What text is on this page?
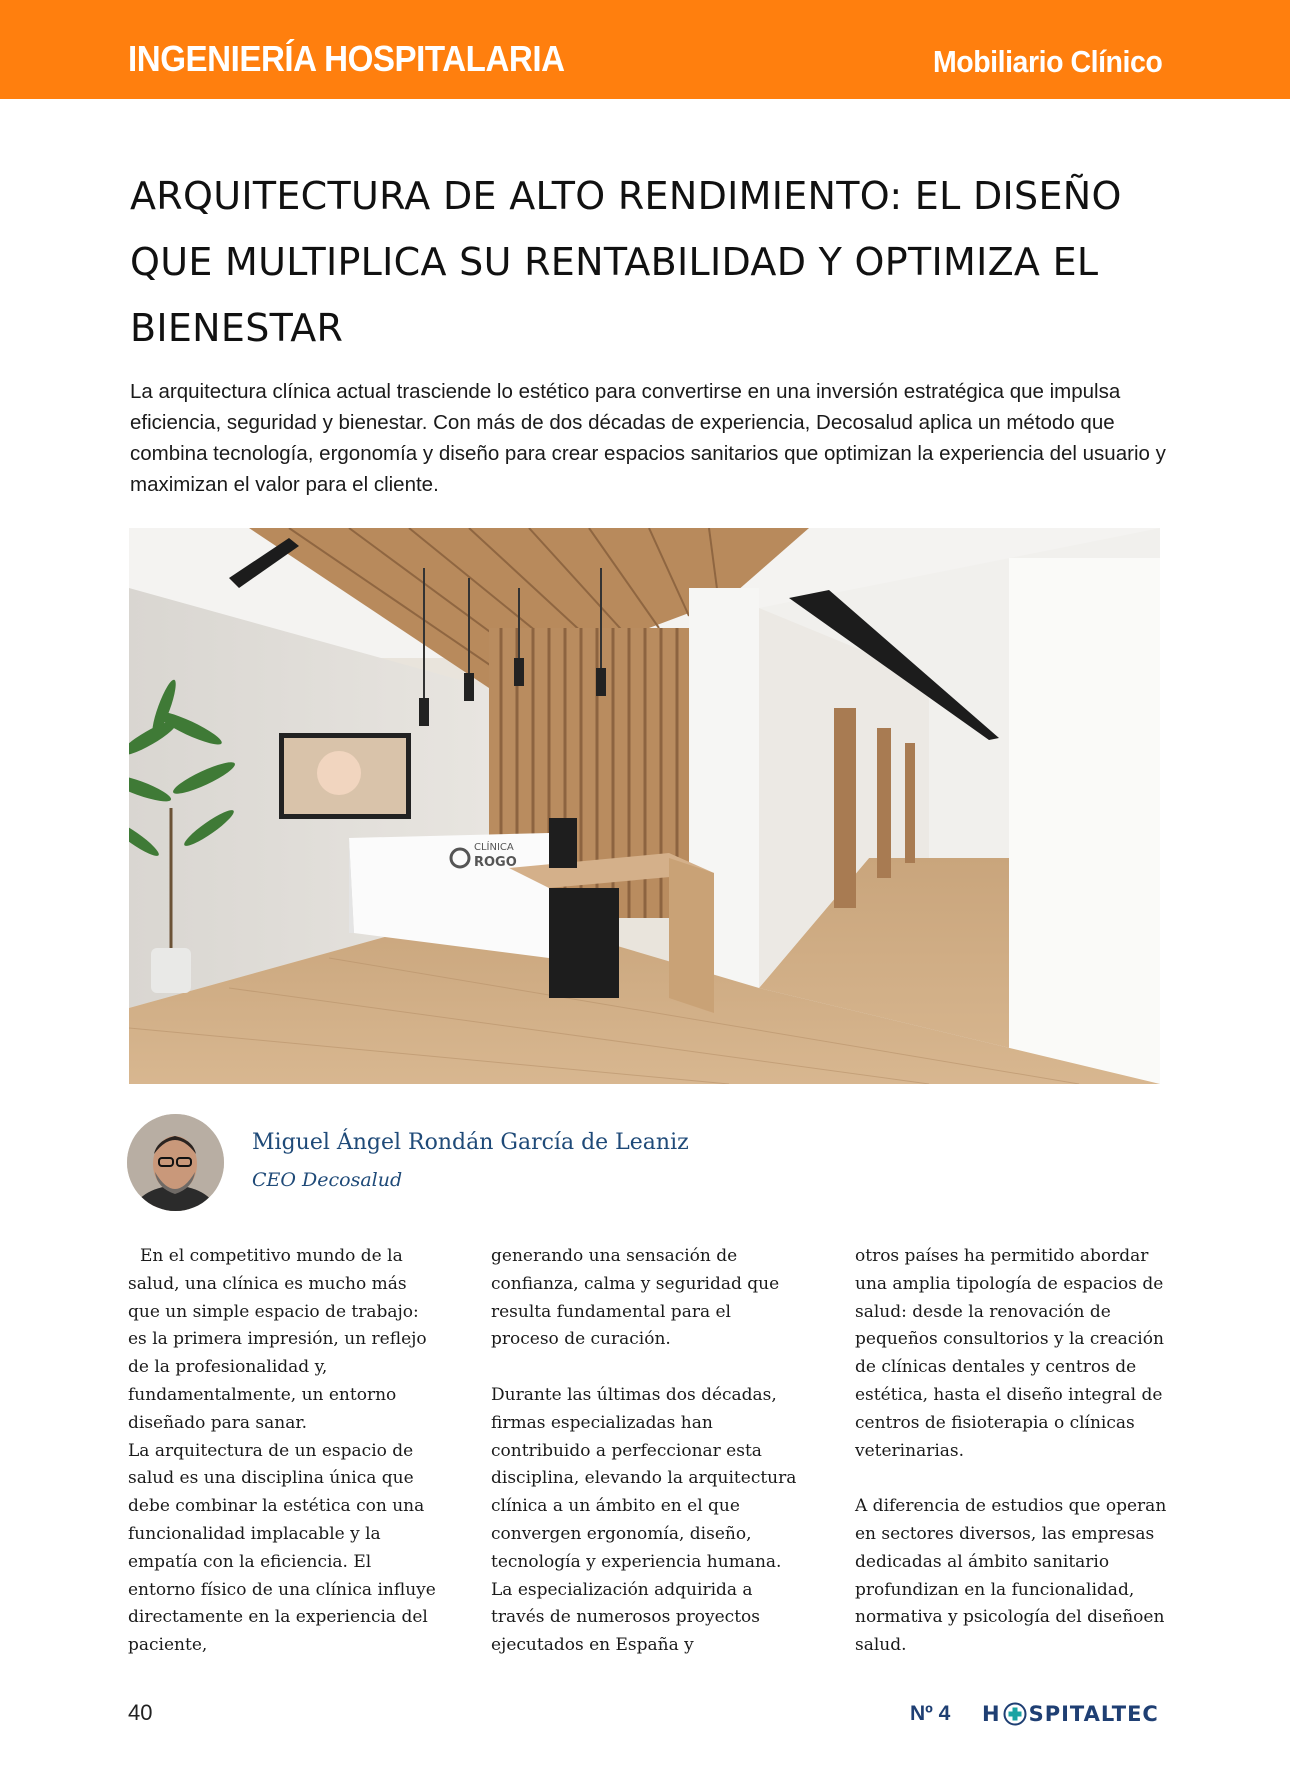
INGENIERÍA HOSPITALARIA	Mobiliario Clínico
ARQUITECTURA DE ALTO RENDIMIENTO: EL DISEÑO QUE MULTIPLICA SU RENTABILIDAD Y OPTIMIZA EL BIENESTAR

La arquitectura clínica actual trasciende lo estético para convertirse en una inversión estratégica que impulsa eficiencia, seguridad y bienestar. Con más de dos décadas de experiencia, Decosalud aplica un método que combina tecnología, ergonomía y diseño para crear espacios sanitarios que optimizan la experiencia del usuario y maximizan el valor para el cliente.

CLÍNICA
ROGO
Miguel Ángel Rondán García de Leaniz
CEO Decosalud

En el competitivo mundo de la salud, una clínica es mucho más que un simple espacio de trabajo: es la primera impresión, un reflejo de la profesionalidad y, fundamentalmente, un entorno diseñado para sanar.

La arquitectura de un espacio de salud es una disciplina única que debe combinar la estética con una funcionalidad implacable y la empatía con la eficiencia. El entorno físico de una clínica influye directamente en la experiencia del paciente,

generando una sensación de confianza, calma y seguridad que resulta fundamental para el proceso de curación.

Durante las últimas dos décadas, firmas especializadas han contribuido a perfeccionar esta disciplina, elevando la arquitectura clínica a un ámbito en el que convergen ergonomía, diseño, tecnología y experiencia humana. La especialización adquirida a través de numerosos proyectos ejecutados en España y

otros países ha permitido abordar una amplia tipología de espacios de salud: desde la renovación de pequeños consultorios y la creación de clínicas dentales y centros de estética, hasta el diseño integral de centros de fisioterapia o clínicas veterinarias.

A diferencia de estudios que operan en sectores diversos, las empresas dedicadas al ámbito sanitario profundizan en la funcionalidad, normativa y psicología del diseñoen salud.

40	Nº 4 H SPITALTEC
